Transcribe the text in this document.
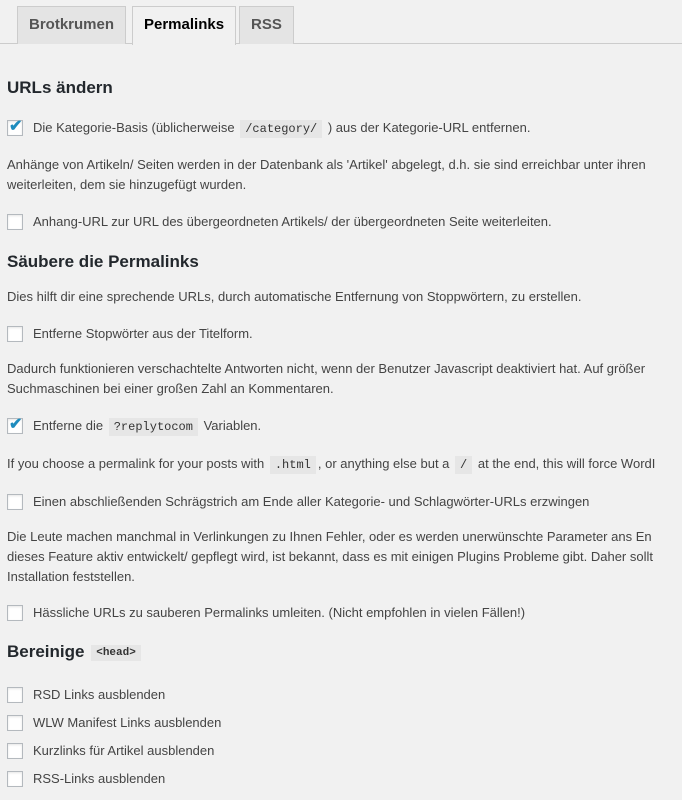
Brotkrumen	Permalinks	RSS
URLs ändern
✔ Die Kategorie-Basis (üblicherweise /category/ ) aus der Kategorie-URL entfernen.
Anhänge von Artikeln/ Seiten werden in der Datenbank als 'Artikel' abgelegt, d.h. sie sind erreichbar unter ihren
weiterleiten, dem sie hinzugefügt wurden.
Anhang-URL zur URL des übergeordneten Artikels/ der übergeordneten Seite weiterleiten.
Säubere die Permalinks
Dies hilft dir eine sprechende URLs, durch automatische Entfernung von Stoppwörtern, zu erstellen.
Entferne Stopwörter aus der Titelform.
Dadurch funktionieren verschachtelte Antworten nicht, wenn der Benutzer Javascript deaktiviert hat. Auf größer
Suchmaschinen bei einer großen Zahl an Kommentaren.
✔ Entferne die ?replytocom Variablen.
If you choose a permalink for your posts with .html , or anything else but a / at the end, this will force WordI
Einen abschließenden Schrägstrich am Ende aller Kategorie- und Schlagwörter-URLs erzwingen
Die Leute machen manchmal in Verlinkungen zu Ihnen Fehler, oder es werden unerwünschte Parameter ans En
dieses Feature aktiv entwickelt/ gepflegt wird, ist bekannt, dass es mit einigen Plugins Probleme gibt. Daher sollt
Installation feststellen.
Hässliche URLs zu sauberen Permalinks umleiten. (Nicht empfohlen in vielen Fällen!)
Bereinige <head>
RSD Links ausblenden
WLW Manifest Links ausblenden
Kurzlinks für Artikel ausblenden
RSS-Links ausblenden
